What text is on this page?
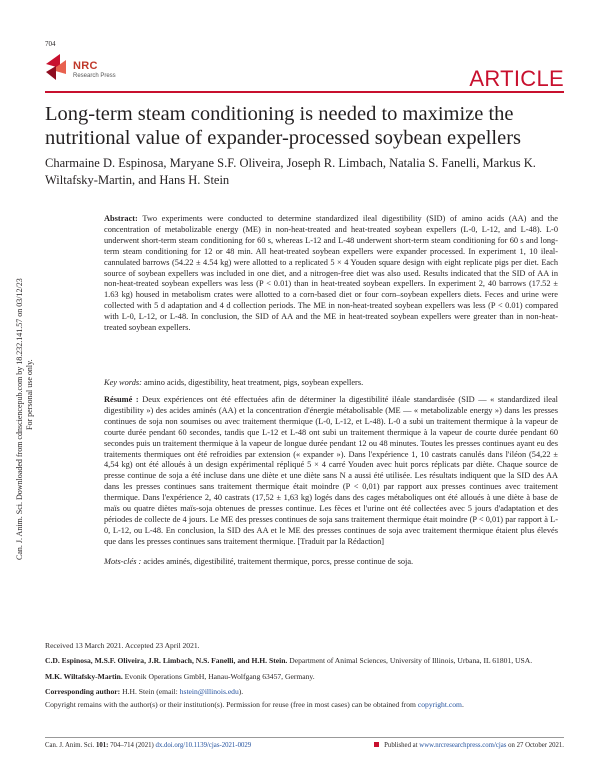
704
NRC
Research Press	ARTICLE
Long-term steam conditioning is needed to maximize the nutritional value of expander-processed soybean expellers
Charmaine D. Espinosa, Maryane S.F. Oliveira, Joseph R. Limbach, Natalia S. Fanelli, Markus K. Wiltafsky-Martin, and Hans H. Stein
Can. J. Anim. Sci. Downloaded from cdnsciencepub.com by 18.232.141.57 on 03/12/23 For personal use only.
Abstract: Two experiments were conducted to determine standardized ileal digestibility (SID) of amino acids (AA) and the concentration of metabolizable energy (ME) in non-heat-treated and heat-treated soybean expellers (L-0, L-12, and L-48). L-0 underwent short-term steam conditioning for 60 s, whereas L-12 and L-48 underwent short-term steam conditioning for 60 s and long-term steam conditioning for 12 or 48 min. All heat-treated soybean expellers were expander processed. In experiment 1, 10 ileal-cannulated barrows (54.22 ± 4.54 kg) were allotted to a replicated 5 × 4 Youden square design with eight replicate pigs per diet. Each source of soybean expellers was included in one diet, and a nitrogen-free diet was also used. Results indicated that the SID of AA in non-heat-treated soybean expellers was less (P < 0.01) than in heat-treated soybean expellers. In experiment 2, 40 barrows (17.52 ± 1.63 kg) housed in metabolism crates were allotted to a corn-based diet or four corn–soybean expellers diets. Feces and urine were collected with 5 d adaptation and 4 d collection periods. The ME in non-heat-treated soybean expellers was less (P < 0.01) compared with L-0, L-12, or L-48. In conclusion, the SID of AA and the ME in heat-treated soybean expellers were greater than in non-heat-treated soybean expellers.
Key words: amino acids, digestibility, heat treatment, pigs, soybean expellers.
Résumé : Deux expériences ont été effectuées afin de déterminer la digestibilité iléale standardisée (SID — « standardized ileal digestibility ») des acides aminés (AA) et la concentration d'énergie métabolisable (ME — « metabolizable energy ») dans les presses continues de soja non soumises ou avec traitement thermique (L-0, L-12, et L-48). L-0 a subi un traitement thermique à la vapeur de courte durée pendant 60 secondes, tandis que L-12 et L-48 ont subi un traitement thermique à la vapeur de courte durée pendant 60 secondes puis un traitement thermique à la vapeur de longue durée pendant 12 ou 48 minutes. Toutes les presses continues ayant eu des traitements thermiques ont été refroidies par extension (« expander »). Dans l'expérience 1, 10 castrats canulés dans l'iléon (54,22 ± 4,54 kg) ont été alloués à un design expérimental répliqué 5 × 4 carré Youden avec huit porcs réplicats par diète. Chaque source de presse continue de soja a été incluse dans une diète et une diète sans N a aussi été utilisée. Les résultats indiquent que la SID des AA dans les presses continues sans traitement thermique était moindre (P < 0,01) par rapport aux presses continues avec traitement thermique. Dans l'expérience 2, 40 castrats (17,52 ± 1,63 kg) logés dans des cages métaboliques ont été alloués à une diète à base de maïs ou quatre diètes maïs-soja obtenues de presses continue. Les fèces et l'urine ont été collectées avec 5 jours d'adaptation et des périodes de collecte de 4 jours. Le ME des presses continues de soja sans traitement thermique était moindre (P < 0,01) par rapport à L-0, L-12, ou L-48. En conclusion, la SID des AA et le ME des presses continues de soja avec traitement thermique étaient plus élevés que dans les presses continues sans traitement thermique. [Traduit par la Rédaction]
Mots-clés : acides aminés, digestibilité, traitement thermique, porcs, presse continue de soja.

Received 13 March 2021. Accepted 23 April 2021.

C.D. Espinosa, M.S.F. Oliveira, J.R. Limbach, N.S. Fanelli, and H.H. Stein. Department of Animal Sciences, University of Illinois, Urbana, IL 61801, USA.

M.K. Wiltafsky-Martin. Evonik Operations GmbH, Hanau-Wolfgang 63457, Germany.

Corresponding author: H.H. Stein (email: hstein@illinois.edu).

Copyright remains with the author(s) or their institution(s). Permission for reuse (free in most cases) can be obtained from copyright.com.

Can. J. Anim. Sci. 101: 704–714 (2021) dx.doi.org/10.1139/cjas-2021-0029	Published at www.nrcresearchpress.com/cjas on 27 October 2021.
